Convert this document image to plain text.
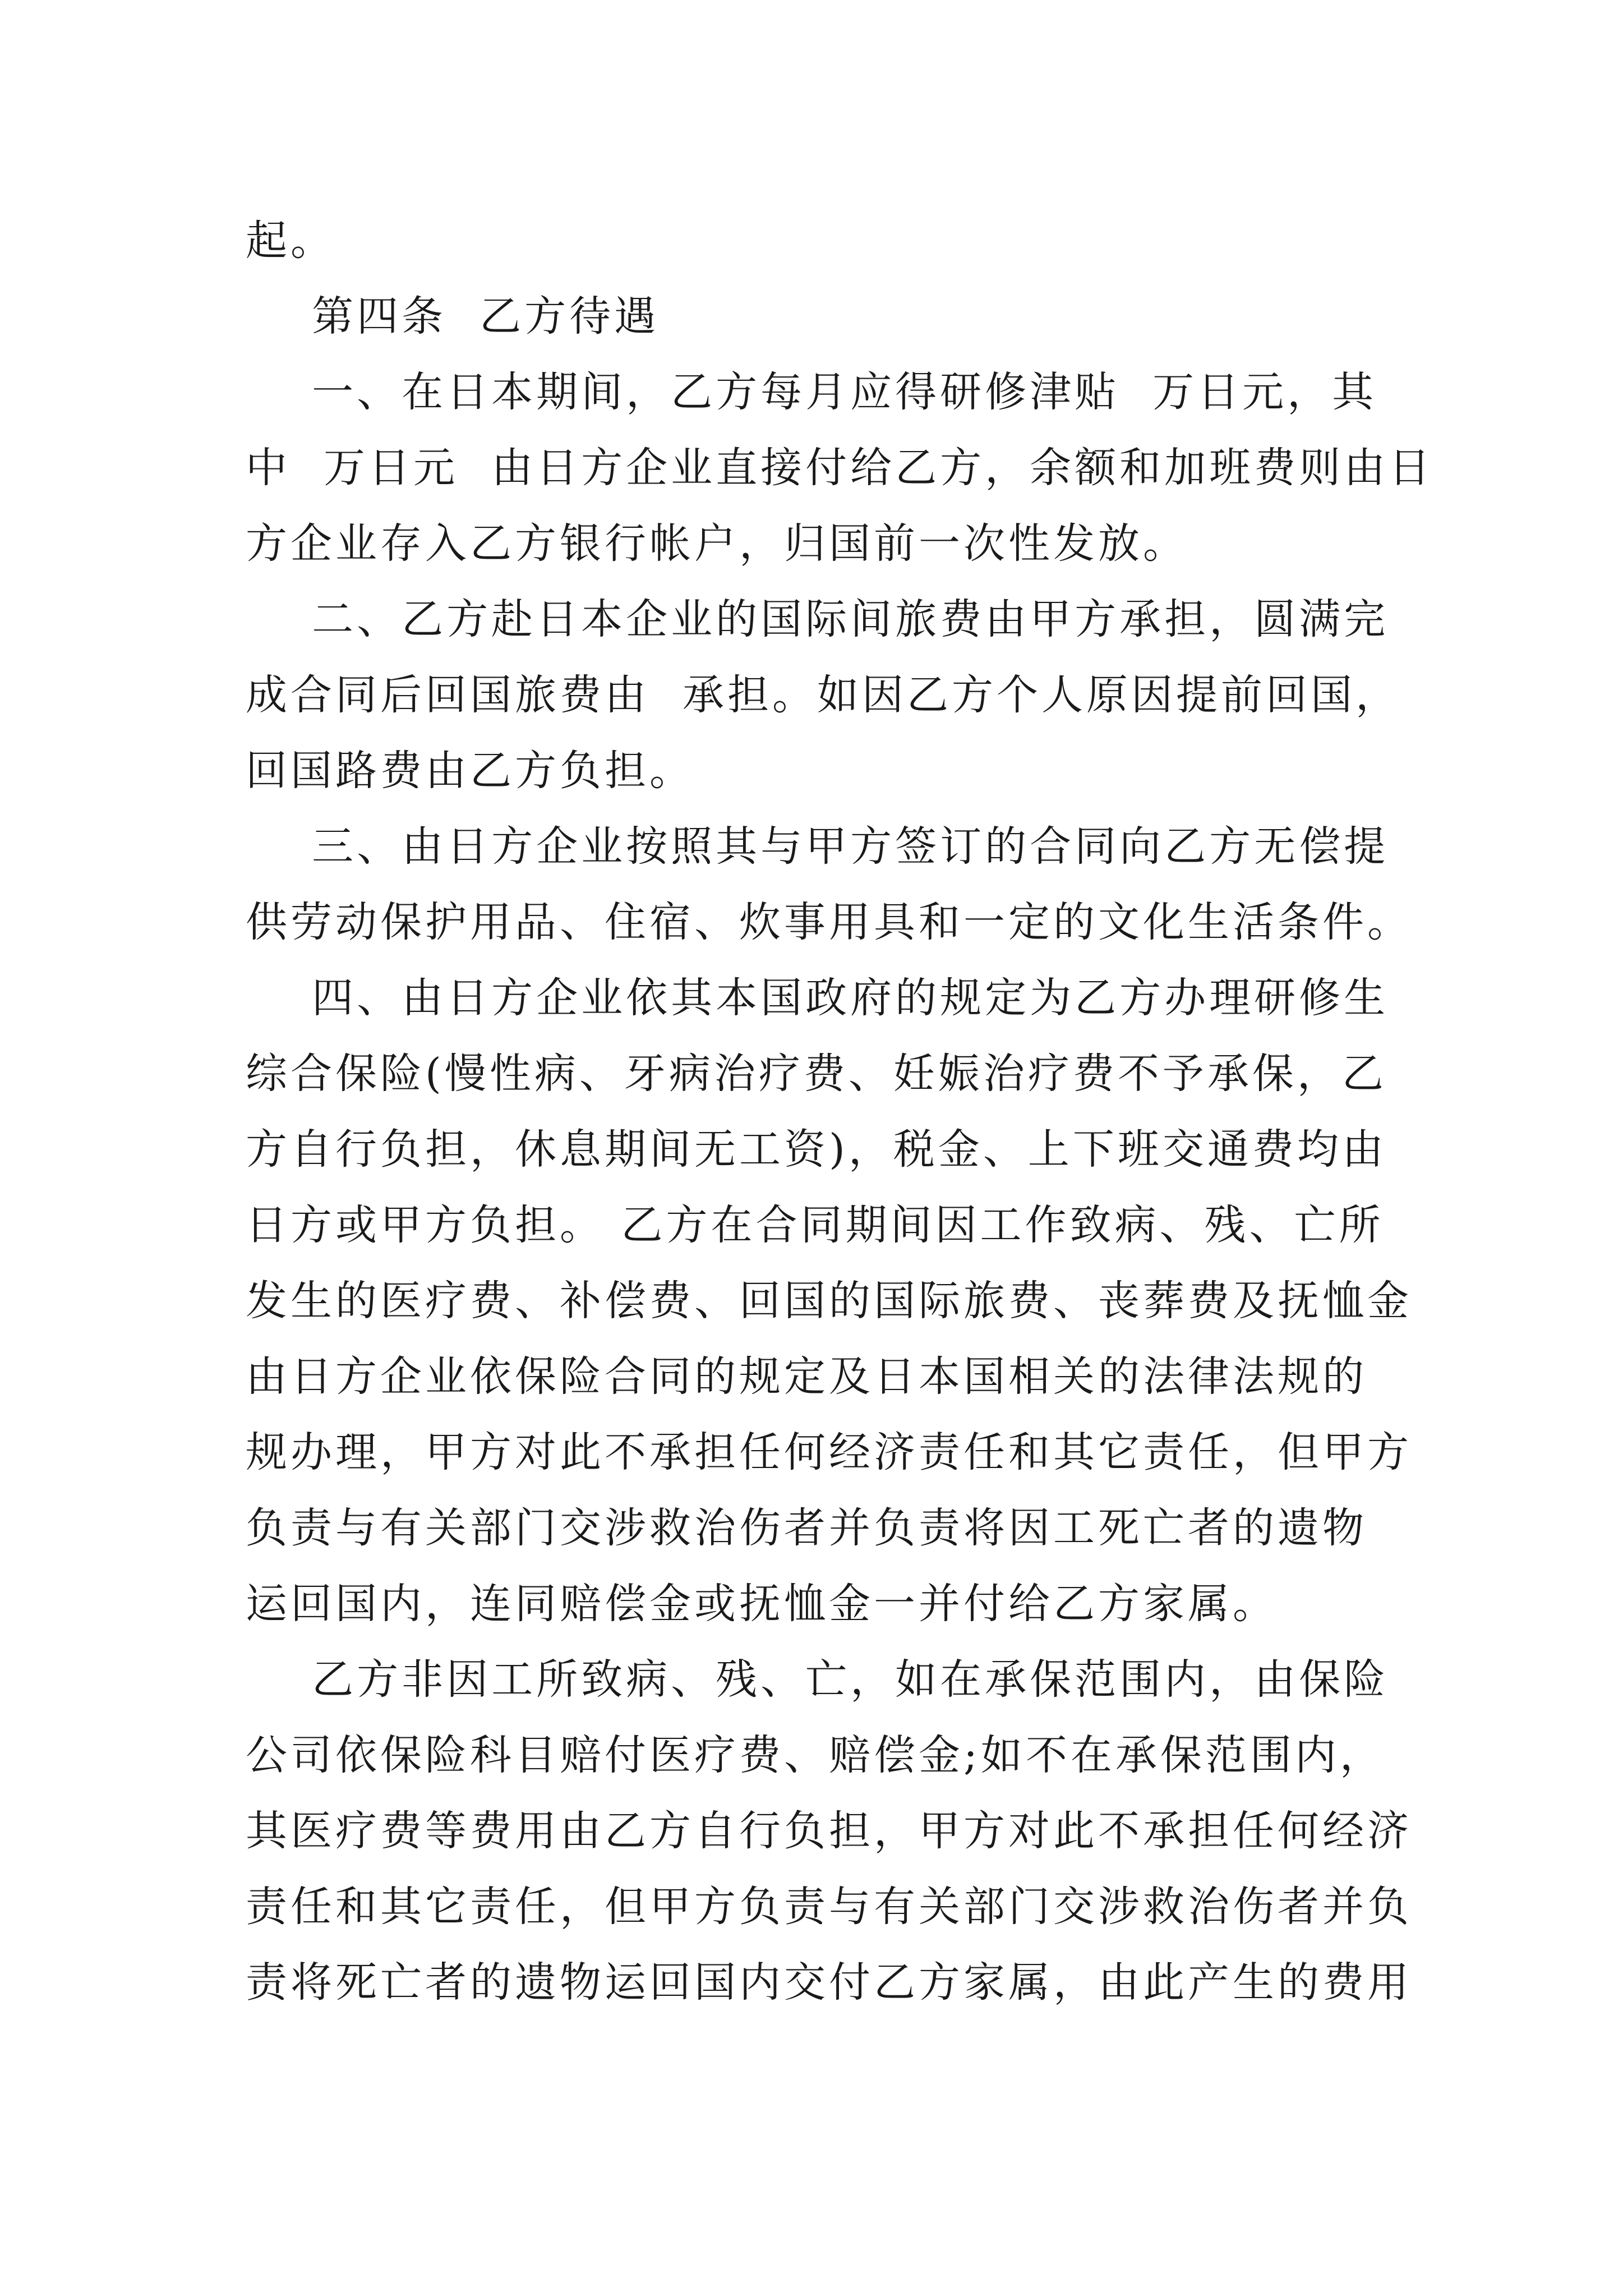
起。
第四条  乙方待遇
一、在日本期间，乙方每月应得研修津贴  万日元，其
中  万日元  由日方企业直接付给乙方，余额和加班费则由日
方企业存入乙方银行帐户，归国前一次性发放。
二、乙方赴日本企业的国际间旅费由甲方承担，圆满完
成合同后回国旅费由  承担。如因乙方个人原因提前回国，
回国路费由乙方负担。
三、由日方企业按照其与甲方签订的合同向乙方无偿提
供劳动保护用品、住宿、炊事用具和一定的文化生活条件。
四、由日方企业依其本国政府的规定为乙方办理研修生
综合保险(慢性病、牙病治疗费、妊娠治疗费不予承保，乙
方自行负担，休息期间无工资)，税金、上下班交通费均由
日方或甲方负担。 乙方在合同期间因工作致病、残、亡所
发生的医疗费、补偿费、回国的国际旅费、丧葬费及抚恤金
由日方企业依保险合同的规定及日本国相关的法律法规的
规办理，甲方对此不承担任何经济责任和其它责任，但甲方
负责与有关部门交涉救治伤者并负责将因工死亡者的遗物
运回国内，连同赔偿金或抚恤金一并付给乙方家属。
乙方非因工所致病、残、亡，如在承保范围内，由保险
公司依保险科目赔付医疗费、赔偿金;如不在承保范围内，
其医疗费等费用由乙方自行负担，甲方对此不承担任何经济
责任和其它责任，但甲方负责与有关部门交涉救治伤者并负
责将死亡者的遗物运回国内交付乙方家属，由此产生的费用
